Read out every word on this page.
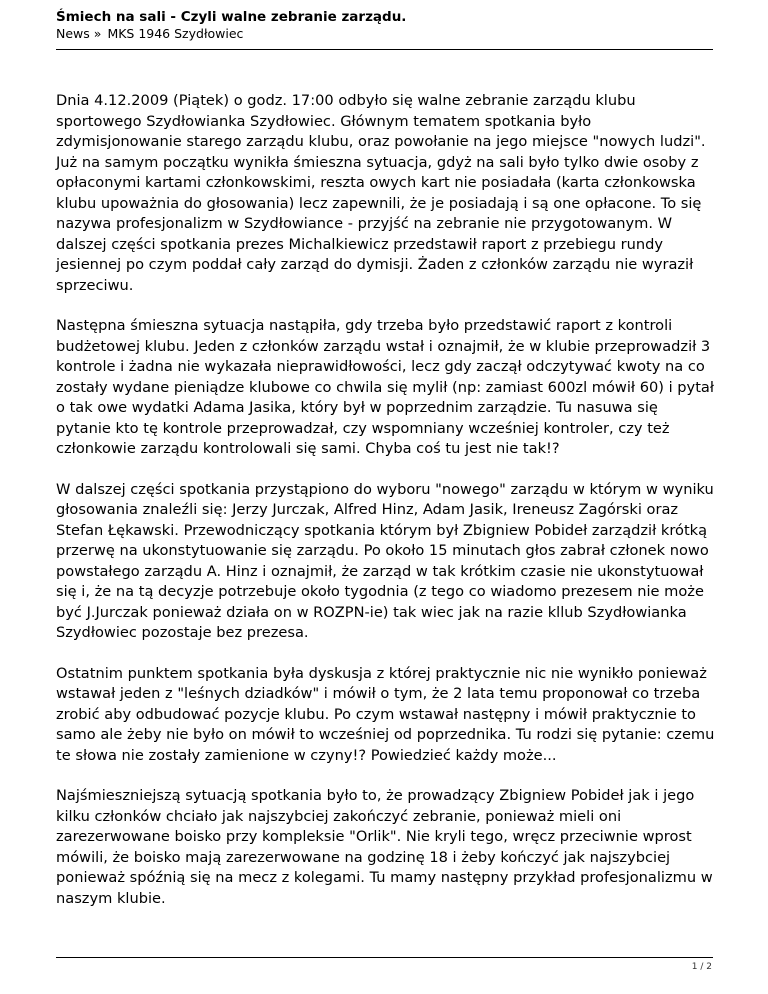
Śmiech na sali - Czyli walne zebranie zarządu.

News » MKS 1946 Szydłowiec

Dnia 4.12.2009 (Piątek) o godz. 17:00 odbyło się walne zebranie zarządu klubu sportowego Szydłowianka Szydłowiec. Głównym tematem spotkania było zdymisjonowanie starego zarządu klubu, oraz powołanie na jego miejsce "nowych ludzi". Już na samym początku wynikła śmieszna sytuacja, gdyż na sali było tylko dwie osoby z opłaconymi kartami członkowskimi, reszta owych kart nie posiadała (karta członkowska klubu upoważnia do głosowania) lecz zapewnili, że je posiadają i są one opłacone. To się nazywa profesjonalizm w Szydłowiance - przyjść na zebranie nie przygotowanym. W dalszej części spotkania prezes Michalkiewicz przedstawił raport z przebiegu rundy jesiennej po czym poddał cały zarząd do dymisji. Żaden z członków zarządu nie wyraził sprzeciwu.

Następna śmieszna sytuacja nastąpiła, gdy trzeba było przedstawić raport z kontroli budżetowej klubu. Jeden z członków zarządu wstał i oznajmił, że w klubie przeprowadził 3 kontrole i żadna nie wykazała nieprawidłowości, lecz gdy zaczął odczytywać kwoty na co zostały wydane pieniądze klubowe co chwila się mylił (np: zamiast 600zl mówił 60) i pytał o tak owe wydatki Adama Jasika, który był w poprzednim zarządzie. Tu nasuwa się pytanie kto tę kontrole przeprowadzał, czy wspomniany wcześniej kontroler, czy też członkowie zarządu kontrolowali się sami. Chyba coś tu jest nie tak!?

W dalszej części spotkania przystąpiono do wyboru "nowego" zarządu w którym w wyniku głosowania znaleźli się: Jerzy Jurczak, Alfred Hinz, Adam Jasik, Ireneusz Zagórski oraz Stefan Łękawski. Przewodniczący spotkania którym był Zbigniew Pobideł zarządził krótką przerwę na ukonstytuowanie się zarządu. Po około 15 minutach głos zabrał członek nowo powstałego zarządu A. Hinz i oznajmił, że zarząd w tak krótkim czasie nie ukonstytuował się i, że na tą decyzje potrzebuje około tygodnia (z tego co wiadomo prezesem nie może być J.Jurczak ponieważ działa on w ROZPN-ie) tak wiec jak na razie kllub Szydłowianka Szydłowiec pozostaje bez prezesa.

Ostatnim punktem spotkania była dyskusja z której praktycznie nic nie wynikło ponieważ wstawał jeden z "leśnych dziadków" i mówił o tym, że 2 lata temu proponował co trzeba zrobić aby odbudować pozycje klubu. Po czym wstawał następny i mówił praktycznie to samo ale żeby nie było on mówił to wcześniej od poprzednika. Tu rodzi się pytanie: czemu te słowa nie zostały zamienione w czyny!? Powiedzieć każdy może...

Najśmieszniejszą sytuacją spotkania było to, że prowadzący Zbigniew Pobideł jak i jego kilku członków chciało jak najszybciej zakończyć zebranie, ponieważ mieli oni zarezerwowane boisko przy kompleksie "Orlik". Nie kryli tego, wręcz przeciwnie wprost mówili, że boisko mają zarezerwowane na godzinę 18 i żeby kończyć jak najszybciej ponieważ spóźnią się na mecz z kolegami. Tu mamy następny przykład profesjonalizmu w naszym klubie.

1 / 2
